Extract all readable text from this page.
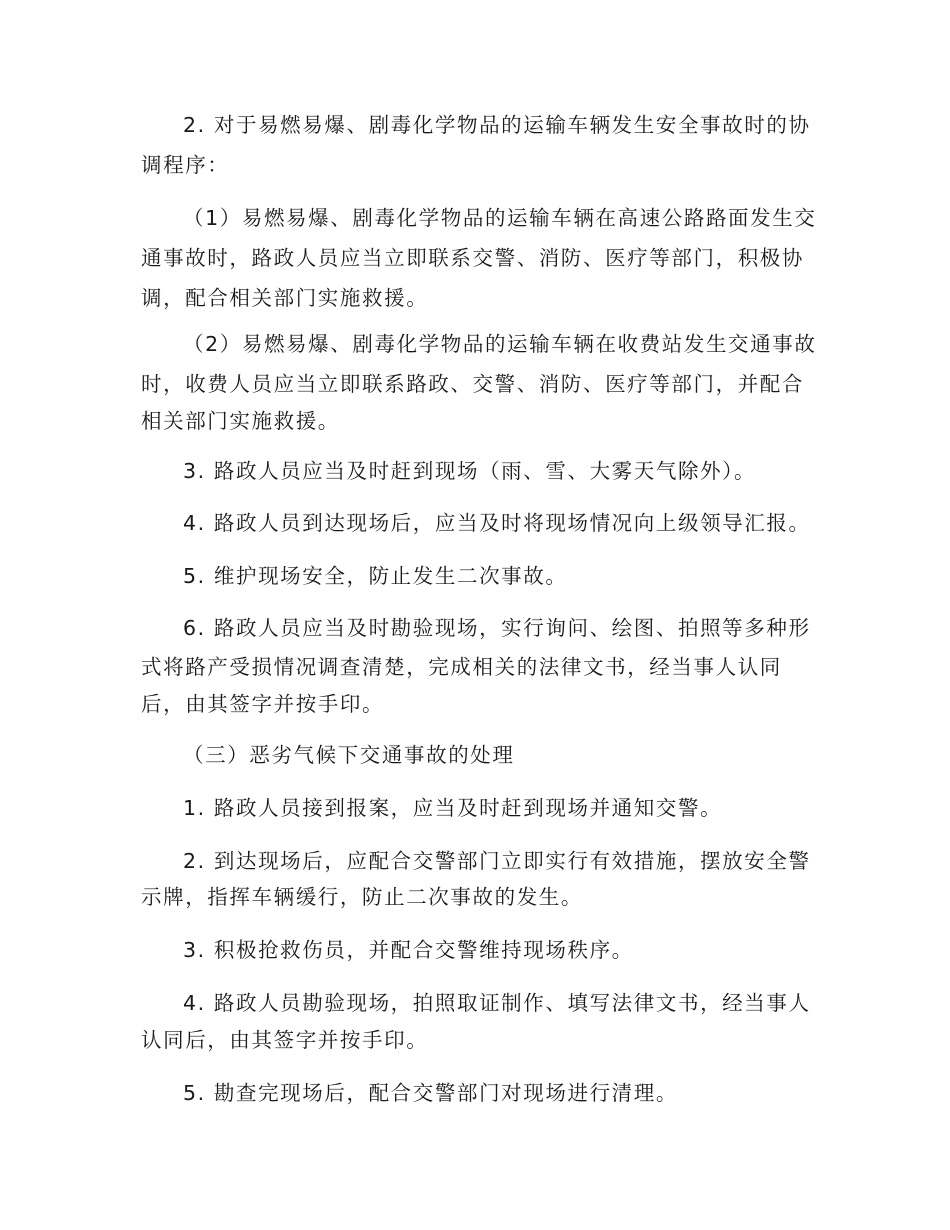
2. 对于易燃易爆、剧毒化学物品的运输车辆发生安全事故时的协
调程序：
（1）易燃易爆、剧毒化学物品的运输车辆在高速公路路面发生交
通事故时，路政人员应当立即联系交警、消防、医疗等部门，积极协
调，配合相关部门实施救援。
（2）易燃易爆、剧毒化学物品的运输车辆在收费站发生交通事故
时，收费人员应当立即联系路政、交警、消防、医疗等部门，并配合
相关部门实施救援。
3. 路政人员应当及时赶到现场（雨、雪、大雾天气除外）。
4. 路政人员到达现场后，应当及时将现场情况向上级领导汇报。
5. 维护现场安全，防止发生二次事故。
6. 路政人员应当及时勘验现场，实行询问、绘图、拍照等多种形
式将路产受损情况调查清楚，完成相关的法律文书，经当事人认同
后，由其签字并按手印。
（三）恶劣气候下交通事故的处理
1. 路政人员接到报案，应当及时赶到现场并通知交警。
2. 到达现场后，应配合交警部门立即实行有效措施，摆放安全警
示牌，指挥车辆缓行，防止二次事故的发生。
3. 积极抢救伤员，并配合交警维持现场秩序。
4. 路政人员勘验现场，拍照取证制作、填写法律文书，经当事人
认同后，由其签字并按手印。
5. 勘查完现场后，配合交警部门对现场进行清理。
